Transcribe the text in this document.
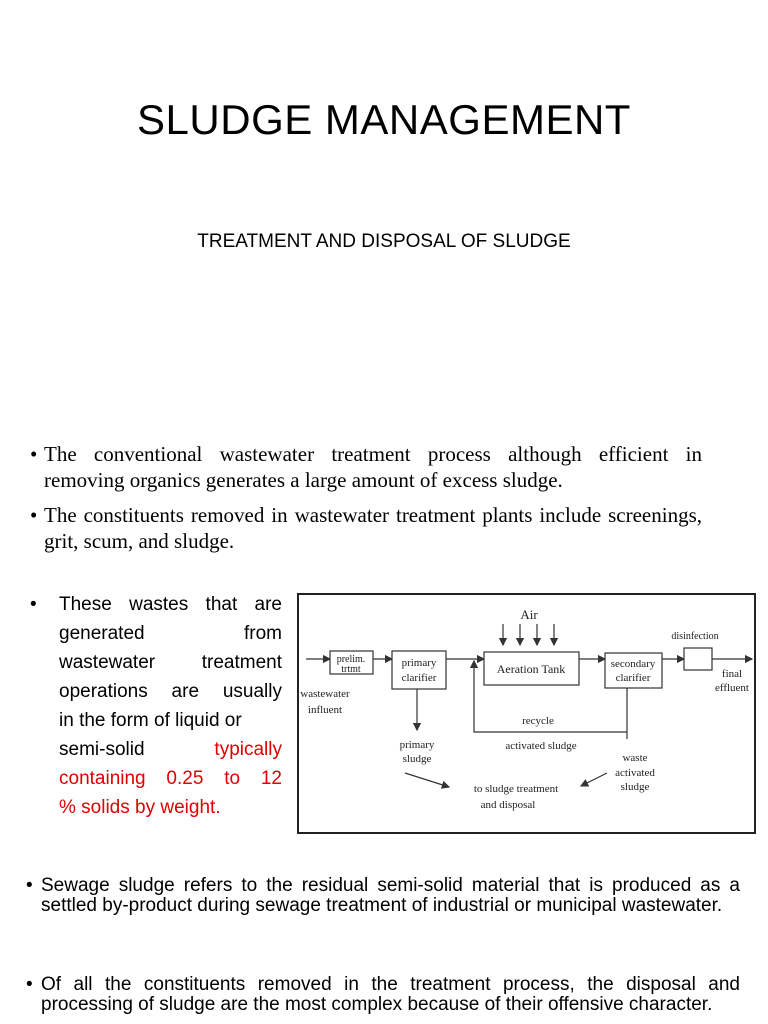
SLUDGE MANAGEMENT
TREATMENT AND DISPOSAL OF SLUDGE
• The conventional wastewater treatment process although efficient in removing organics generates a large amount of excess sludge.
• The constituents removed in wastewater treatment plants include screenings, grit, scum, and sludge.
• These wastes that are
generated from
wastewater treatment
operations are usually
in the form of liquid or
semi-solid	typically
containing 0.25 to 12
% solids by weight.
Air
prelim.
trtmt
wastewater
influent
primary
clarifier
Aeration Tank	secondary
clarifier
disinfection
final
effluent
recycle
activated sludge
primary
sludge	waste
activated
sludge
to sludge treatment
and disposal
• Sewage sludge refers to the residual semi-solid material that is produced as a settled by-product during sewage treatment of industrial or municipal wastewater.
• Of all the constituents removed in the treatment process, the disposal and processing of sludge are the most complex because of their offensive character.
